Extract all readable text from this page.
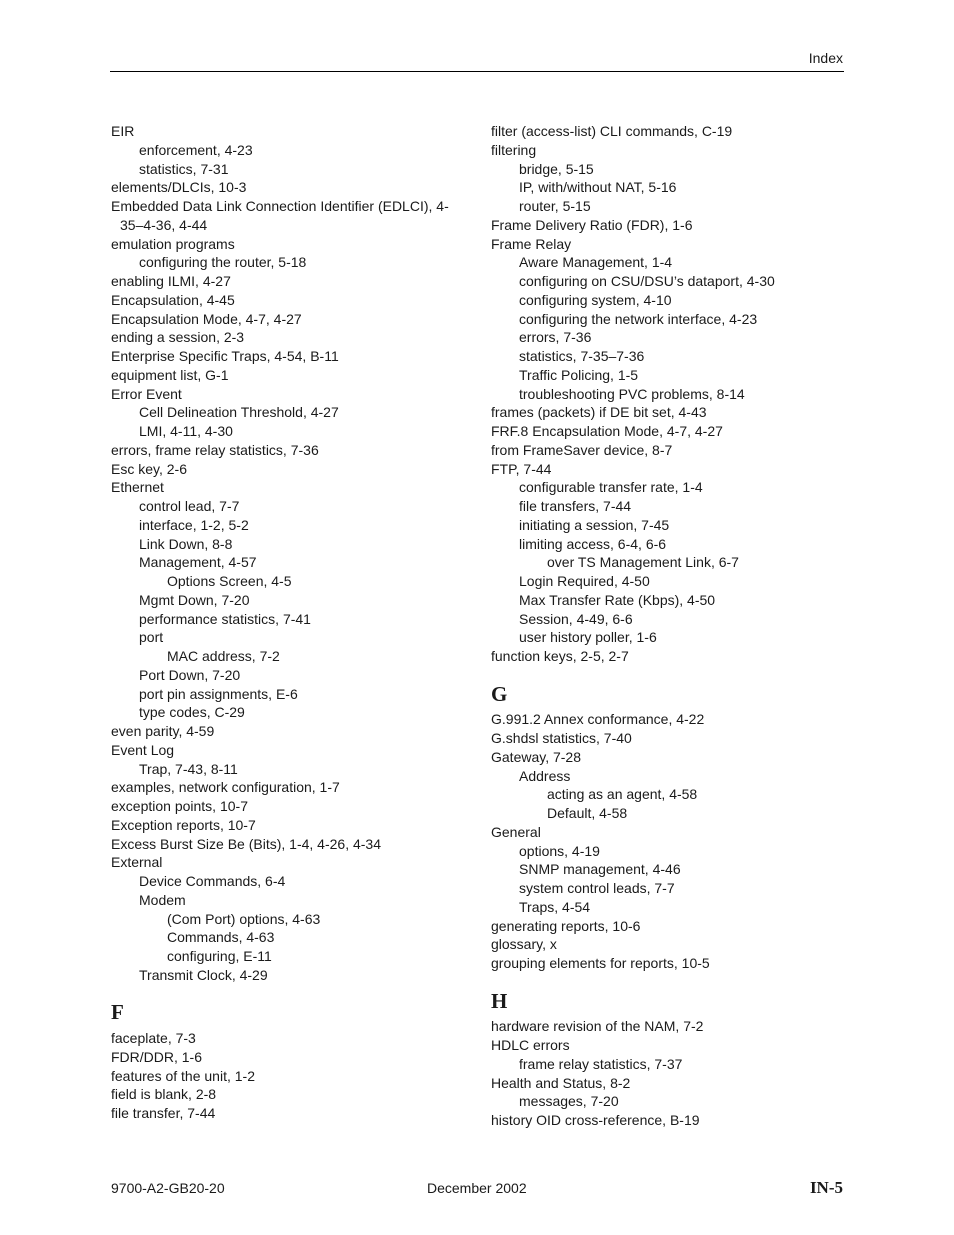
Index
EIR
enforcement, 4-23
statistics, 7-31
elements/DLCIs, 10-3
Embedded Data Link Connection Identifier (EDLCI), 4-35–4-36, 4-44
emulation programs
configuring the router, 5-18
enabling ILMI, 4-27
Encapsulation, 4-45
Encapsulation Mode, 4-7, 4-27
ending a session, 2-3
Enterprise Specific Traps, 4-54, B-11
equipment list, G-1
Error Event
Cell Delineation Threshold, 4-27
LMI, 4-11, 4-30
errors, frame relay statistics, 7-36
Esc key, 2-6
Ethernet
control lead, 7-7
interface, 1-2, 5-2
Link Down, 8-8
Management, 4-57
Options Screen, 4-5
Mgmt Down, 7-20
performance statistics, 7-41
port
MAC address, 7-2
Port Down, 7-20
port pin assignments, E-6
type codes, C-29
even parity, 4-59
Event Log
Trap, 7-43, 8-11
examples, network configuration, 1-7
exception points, 10-7
Exception reports, 10-7
Excess Burst Size Be (Bits), 1-4, 4-26, 4-34
External
Device Commands, 6-4
Modem
(Com Port) options, 4-63
Commands, 4-63
configuring, E-11
Transmit Clock, 4-29
F
faceplate, 7-3
FDR/DDR, 1-6
features of the unit, 1-2
field is blank, 2-8
file transfer, 7-44
filter (access-list) CLI commands, C-19
filtering
bridge, 5-15
IP, with/without NAT, 5-16
router, 5-15
Frame Delivery Ratio (FDR), 1-6
Frame Relay
Aware Management, 1-4
configuring on CSU/DSU’s dataport, 4-30
configuring system, 4-10
configuring the network interface, 4-23
errors, 7-36
statistics, 7-35–7-36
Traffic Policing, 1-5
troubleshooting PVC problems, 8-14
frames (packets) if DE bit set, 4-43
FRF.8 Encapsulation Mode, 4-7, 4-27
from FrameSaver device, 8-7
FTP, 7-44
configurable transfer rate, 1-4
file transfers, 7-44
initiating a session, 7-45
limiting access, 6-4, 6-6
over TS Management Link, 6-7
Login Required, 4-50
Max Transfer Rate (Kbps), 4-50
Session, 4-49, 6-6
user history poller, 1-6
function keys, 2-5, 2-7
G
G.991.2 Annex conformance, 4-22
G.shdsl statistics, 7-40
Gateway, 7-28
Address
acting as an agent, 4-58
Default, 4-58
General
options, 4-19
SNMP management, 4-46
system control leads, 7-7
Traps, 4-54
generating reports, 10-6
glossary, x
grouping elements for reports, 10-5
H
hardware revision of the NAM, 7-2
HDLC errors
frame relay statistics, 7-37
Health and Status, 8-2
messages, 7-20
history OID cross-reference, B-19
9700-A2-GB20-20	December 2002	IN-5
